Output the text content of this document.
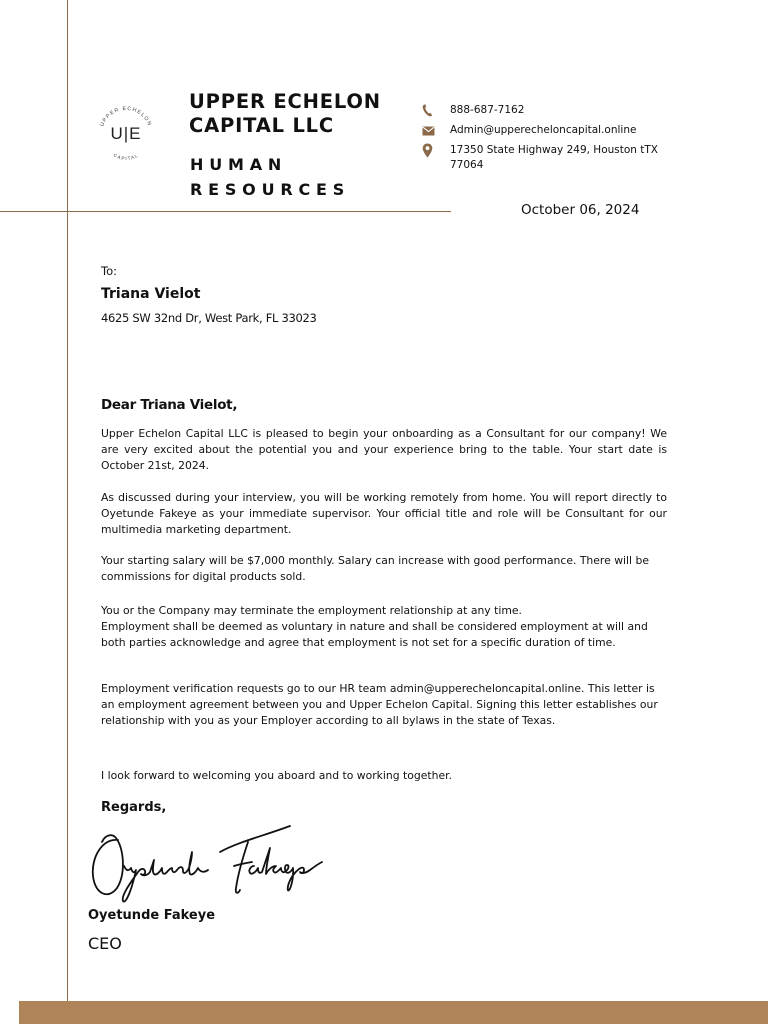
UPPER ECHELON
CAPITAL
U|E
UPPER ECHELON
CAPITAL LLC
HUMAN
RESOURCES
888-687-7162
Admin@upperecheloncapital.online
17350 State Highway 249, Houston tTX 77064
October 06, 2024
To:
Triana Vielot
4625 SW 32nd Dr, West Park, FL 33023
Dear Triana Vielot,

Upper Echelon Capital LLC is pleased to begin your onboarding as a Consultant for our company! We are very excited about the potential you and your experience bring to the table. Your start date is October 21st, 2024.

As discussed during your interview, you will be working remotely from home. You will report directly to Oyetunde Fakeye as your immediate supervisor. Your official title and role will be Consultant for our multimedia marketing department.

Your starting salary will be $7,000 monthly. Salary can increase with good performance. There will be commissions for digital products sold.

You or the Company may terminate the employment relationship at any time.
Employment shall be deemed as voluntary in nature and shall be considered employment at will and both parties acknowledge and agree that employment is not set for a specific duration of time.

Employment verification requests go to our HR team admin@upperecheloncapital.online. This letter is an employment agreement between you and Upper Echelon Capital. Signing this letter establishes our relationship with you as your Employer according to all bylaws in the state of Texas.

I look forward to welcoming you aboard and to working together.

Regards,
Oyetunde Fakeye
CEO
